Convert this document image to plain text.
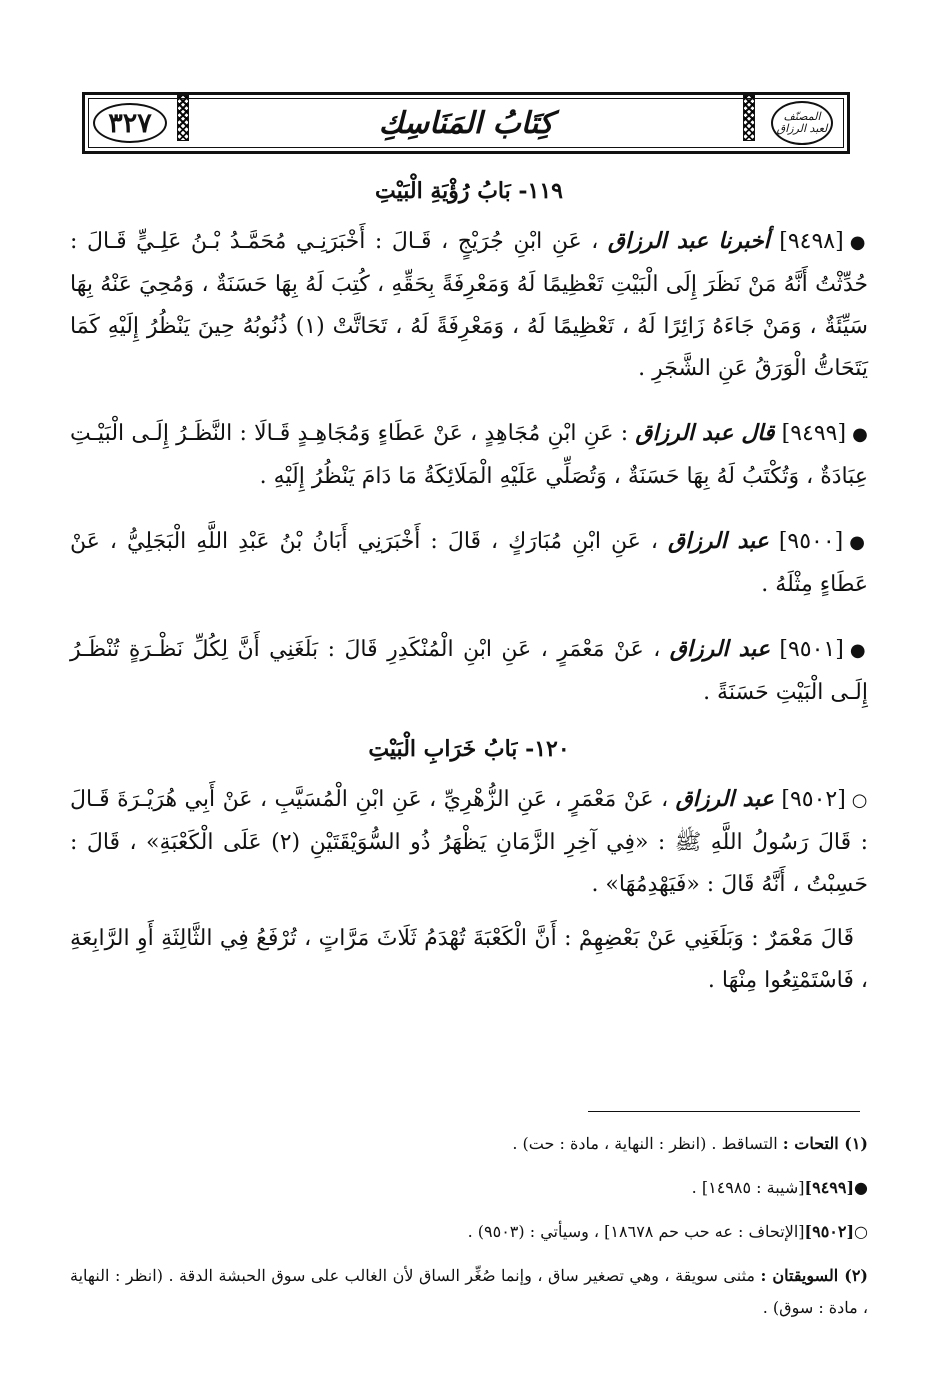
٣٢٧	كِتَابُ المَنَاسِكِ	المصنّف لعبد الرزاق
١١٩- بَابُ رُؤْيَةِ الْبَيْتِ

●[٩٤٩٨] أخبرنا عبد الرزاق ، عَنِ ابْنِ جُرَيْجٍ ، قَـالَ : أَخْبَرَنِـي مُحَمَّـدُ بْـنُ عَلِـيٍّ قَـالَ : حُدِّثْتُ أَنَّهُ مَنْ نَظَرَ إِلَى الْبَيْتِ تَعْظِيمًا لَهُ وَمَعْرِفَةً بِحَقِّهِ ، كُتِبَ لَهُ بِهَا حَسَنَةٌ ، وَمُحِيَ عَنْهُ بِهَا سَيِّئَةٌ ، وَمَنْ جَاءَهُ زَائِرًا لَهُ ، تَعْظِيمًا لَهُ ، وَمَعْرِفَةً لَهُ ، تَحَاتَّتْ (١) ذُنُوبُهُ حِينَ يَنْظُرُ إِلَيْهِ كَمَا يَتَحَاتُّ الْوَرَقُ عَنِ الشَّجَرِ .

●[٩٤٩٩] قال عبد الرزاق : عَنِ ابْنِ مُجَاهِدٍ ، عَنْ عَطَاءٍ وَمُجَاهِـدٍ قَـالَا : النَّظَـرُ إِلَـى الْبَيْـتِ عِبَادَةٌ ، وَتُكْتَبُ لَهُ بِهَا حَسَنَةٌ ، وَتُصَلِّي عَلَيْهِ الْمَلَائِكَةُ مَا دَامَ يَنْظُرُ إِلَيْهِ .

●[٩٥٠٠] عبد الرزاق ، عَنِ ابْنِ مُبَارَكٍ ، قَالَ : أَخْبَرَنِي أَبَانُ بْنُ عَبْدِ اللَّهِ الْبَجَلِيُّ ، عَنْ عَطَاءٍ مِثْلَهُ .

●[٩٥٠١] عبد الرزاق ، عَنْ مَعْمَرٍ ، عَنِ ابْنِ الْمُنْكَدِرِ قَالَ : بَلَغَنِي أَنَّ لِكُلِّ نَظْـرَةٍ تُنْظَـرُ إِلَـى الْبَيْتِ حَسَنَةً .

١٢٠- بَابُ خَرَابِ الْبَيْتِ

○[٩٥٠٢] عبد الرزاق ، عَنْ مَعْمَرٍ ، عَنِ الزُّهْرِيِّ ، عَنِ ابْنِ الْمُسَيَّبِ ، عَنْ أَبِي هُرَيْـرَةَ قَـالَ : قَالَ رَسُولُ اللَّهِ ﷺ : «فِي آخِرِ الزَّمَانِ يَظْهَرُ ذُو السُّوَيْقَتَيْنِ (٢) عَلَى الْكَعْبَةِ» ، قَالَ : حَسِبْتُ ، أَنَّهُ قَالَ : «فَيَهْدِمُهَا» .

قَالَ مَعْمَرٌ : وَبَلَغَنِي عَنْ بَعْضِهِمْ : أَنَّ الْكَعْبَةَ تُهْدَمُ ثَلَاثَ مَرَّاتٍ ، تُرْفَعُ فِي الثَّالِثَةِ أَوِ الرَّابِعَةِ ، فَاسْتَمْتِعُوا مِنْهَا .

(١) التحات : التساقط . (انظر : النهاية ، مادة : حت) .
●[٩٤٩٩][شيبة : ١٤٩٨٥] .
○[٩٥٠٢][الإتحاف : عه حب حم ١٨٦٧٨] ، وسيأتي : (٩٥٠٣) .
(٢) السويقتان : مثنى سويقة ، وهي تصغير ساق ، وإنما صُغِّر الساق لأن الغالب على سوق الحبشة الدقة . (انظر : النهاية ، مادة : سوق) .
